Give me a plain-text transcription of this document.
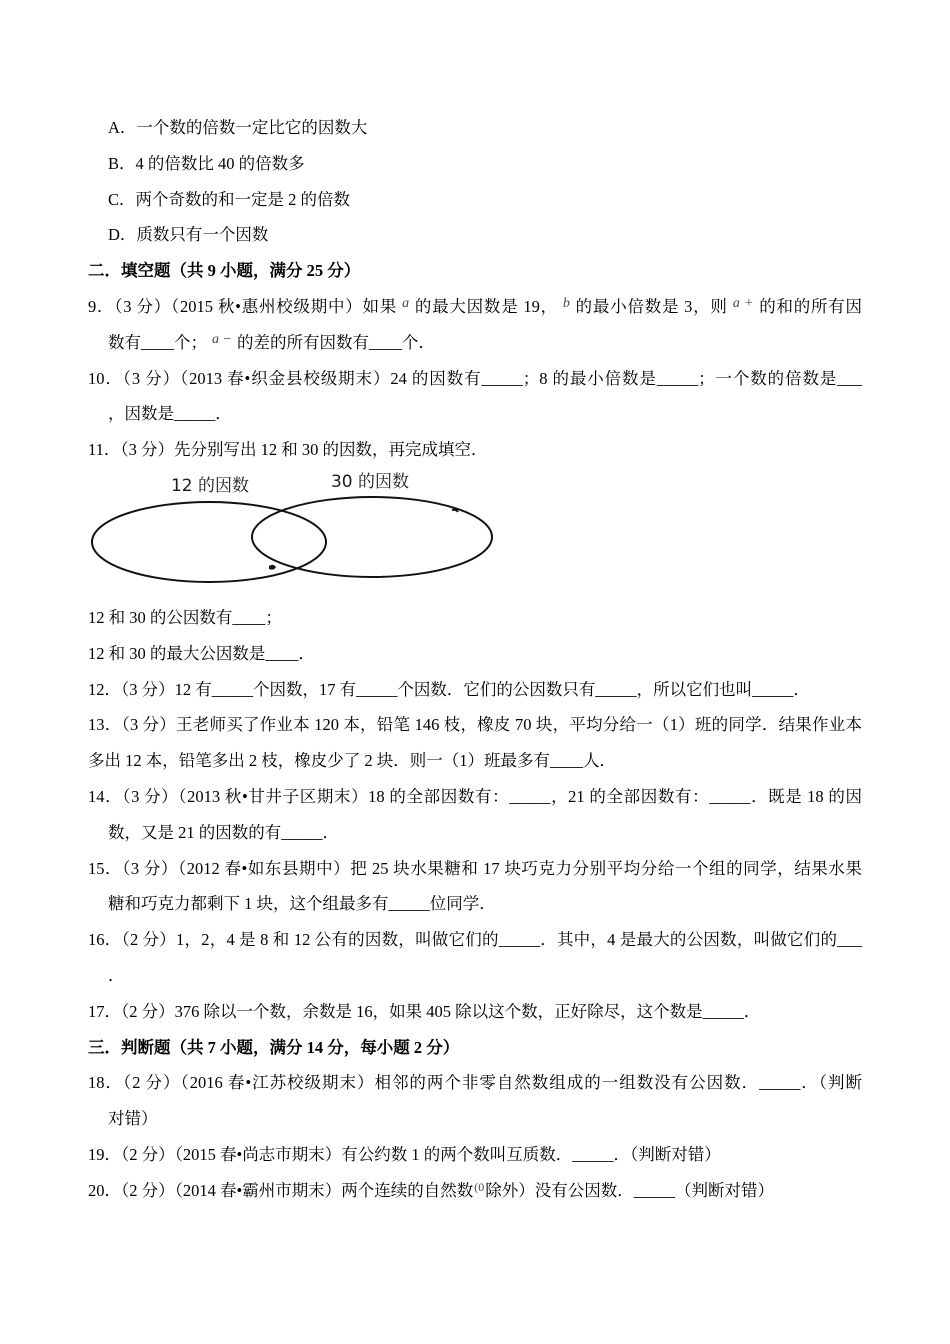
A．一个数的倍数一定比它的因数大
B．4 的倍数比 40 的倍数多
C．两个奇数的和一定是 2 的倍数
D．质数只有一个因数
二．填空题（共 9 小题，满分 25 分）
9．（3 分）（2015 秋•惠州校级期中）如果 $^a$ 的最大因数是 19， $^b$ 的最小倍数是 3，则 $^{a +}$ 的和的所有因
数有____个； $^{a -}$ 的差的所有因数有____个．
10．（3 分）（2013 春•织金县校级期末）24 的因数有_____；8 的最小倍数是_____；一个数的倍数是___
，因数是_____．
11．（3 分）先分别写出 12 和 30 的因数，再完成填空．
12 的因数	30 的因数
12 和 30 的公因数有____；
12 和 30 的最大公因数是____．
12．（3 分）12 有_____个因数，17 有_____个因数．它们的公因数只有_____，所以它们也叫_____．
13．（3 分）王老师买了作业本 120 本，铅笔 146 枝，橡皮 70 块，平均分给一（1）班的同学．结果作业本
多出 12 本，铅笔多出 2 枝，橡皮少了 2 块．则一（1）班最多有____人．
14．（3 分）（2013 秋•甘井子区期末）18 的全部因数有：_____，21 的全部因数有：_____．既是 18 的因
数，又是 21 的因数的有_____．
15．（3 分）（2012 春•如东县期中）把 25 块水果糖和 17 块巧克力分别平均分给一个组的同学，结果水果
糖和巧克力都剩下 1 块，这个组最多有_____位同学．
16．（2 分）1，2，4 是 8 和 12 公有的因数，叫做它们的_____．其中，4 是最大的公因数，叫做它们的___
．
17．（2 分）376 除以一个数，余数是 16，如果 405 除以这个数，正好除尽，这个数是_____．
三．判断题（共 7 小题，满分 14 分，每小题 2 分）
18．（2 分）（2016 春•江苏校级期末）相邻的两个非零自然数组成的一组数没有公因数．_____．（判断
对错）
19．（2 分）（2015 春•尚志市期末）有公约数 1 的两个数叫互质数．_____．（判断对错）
20．（2 分）（2014 春•霸州市期末）两个连续的自然数$^{(0}$除外）没有公因数．_____（判断对错）
